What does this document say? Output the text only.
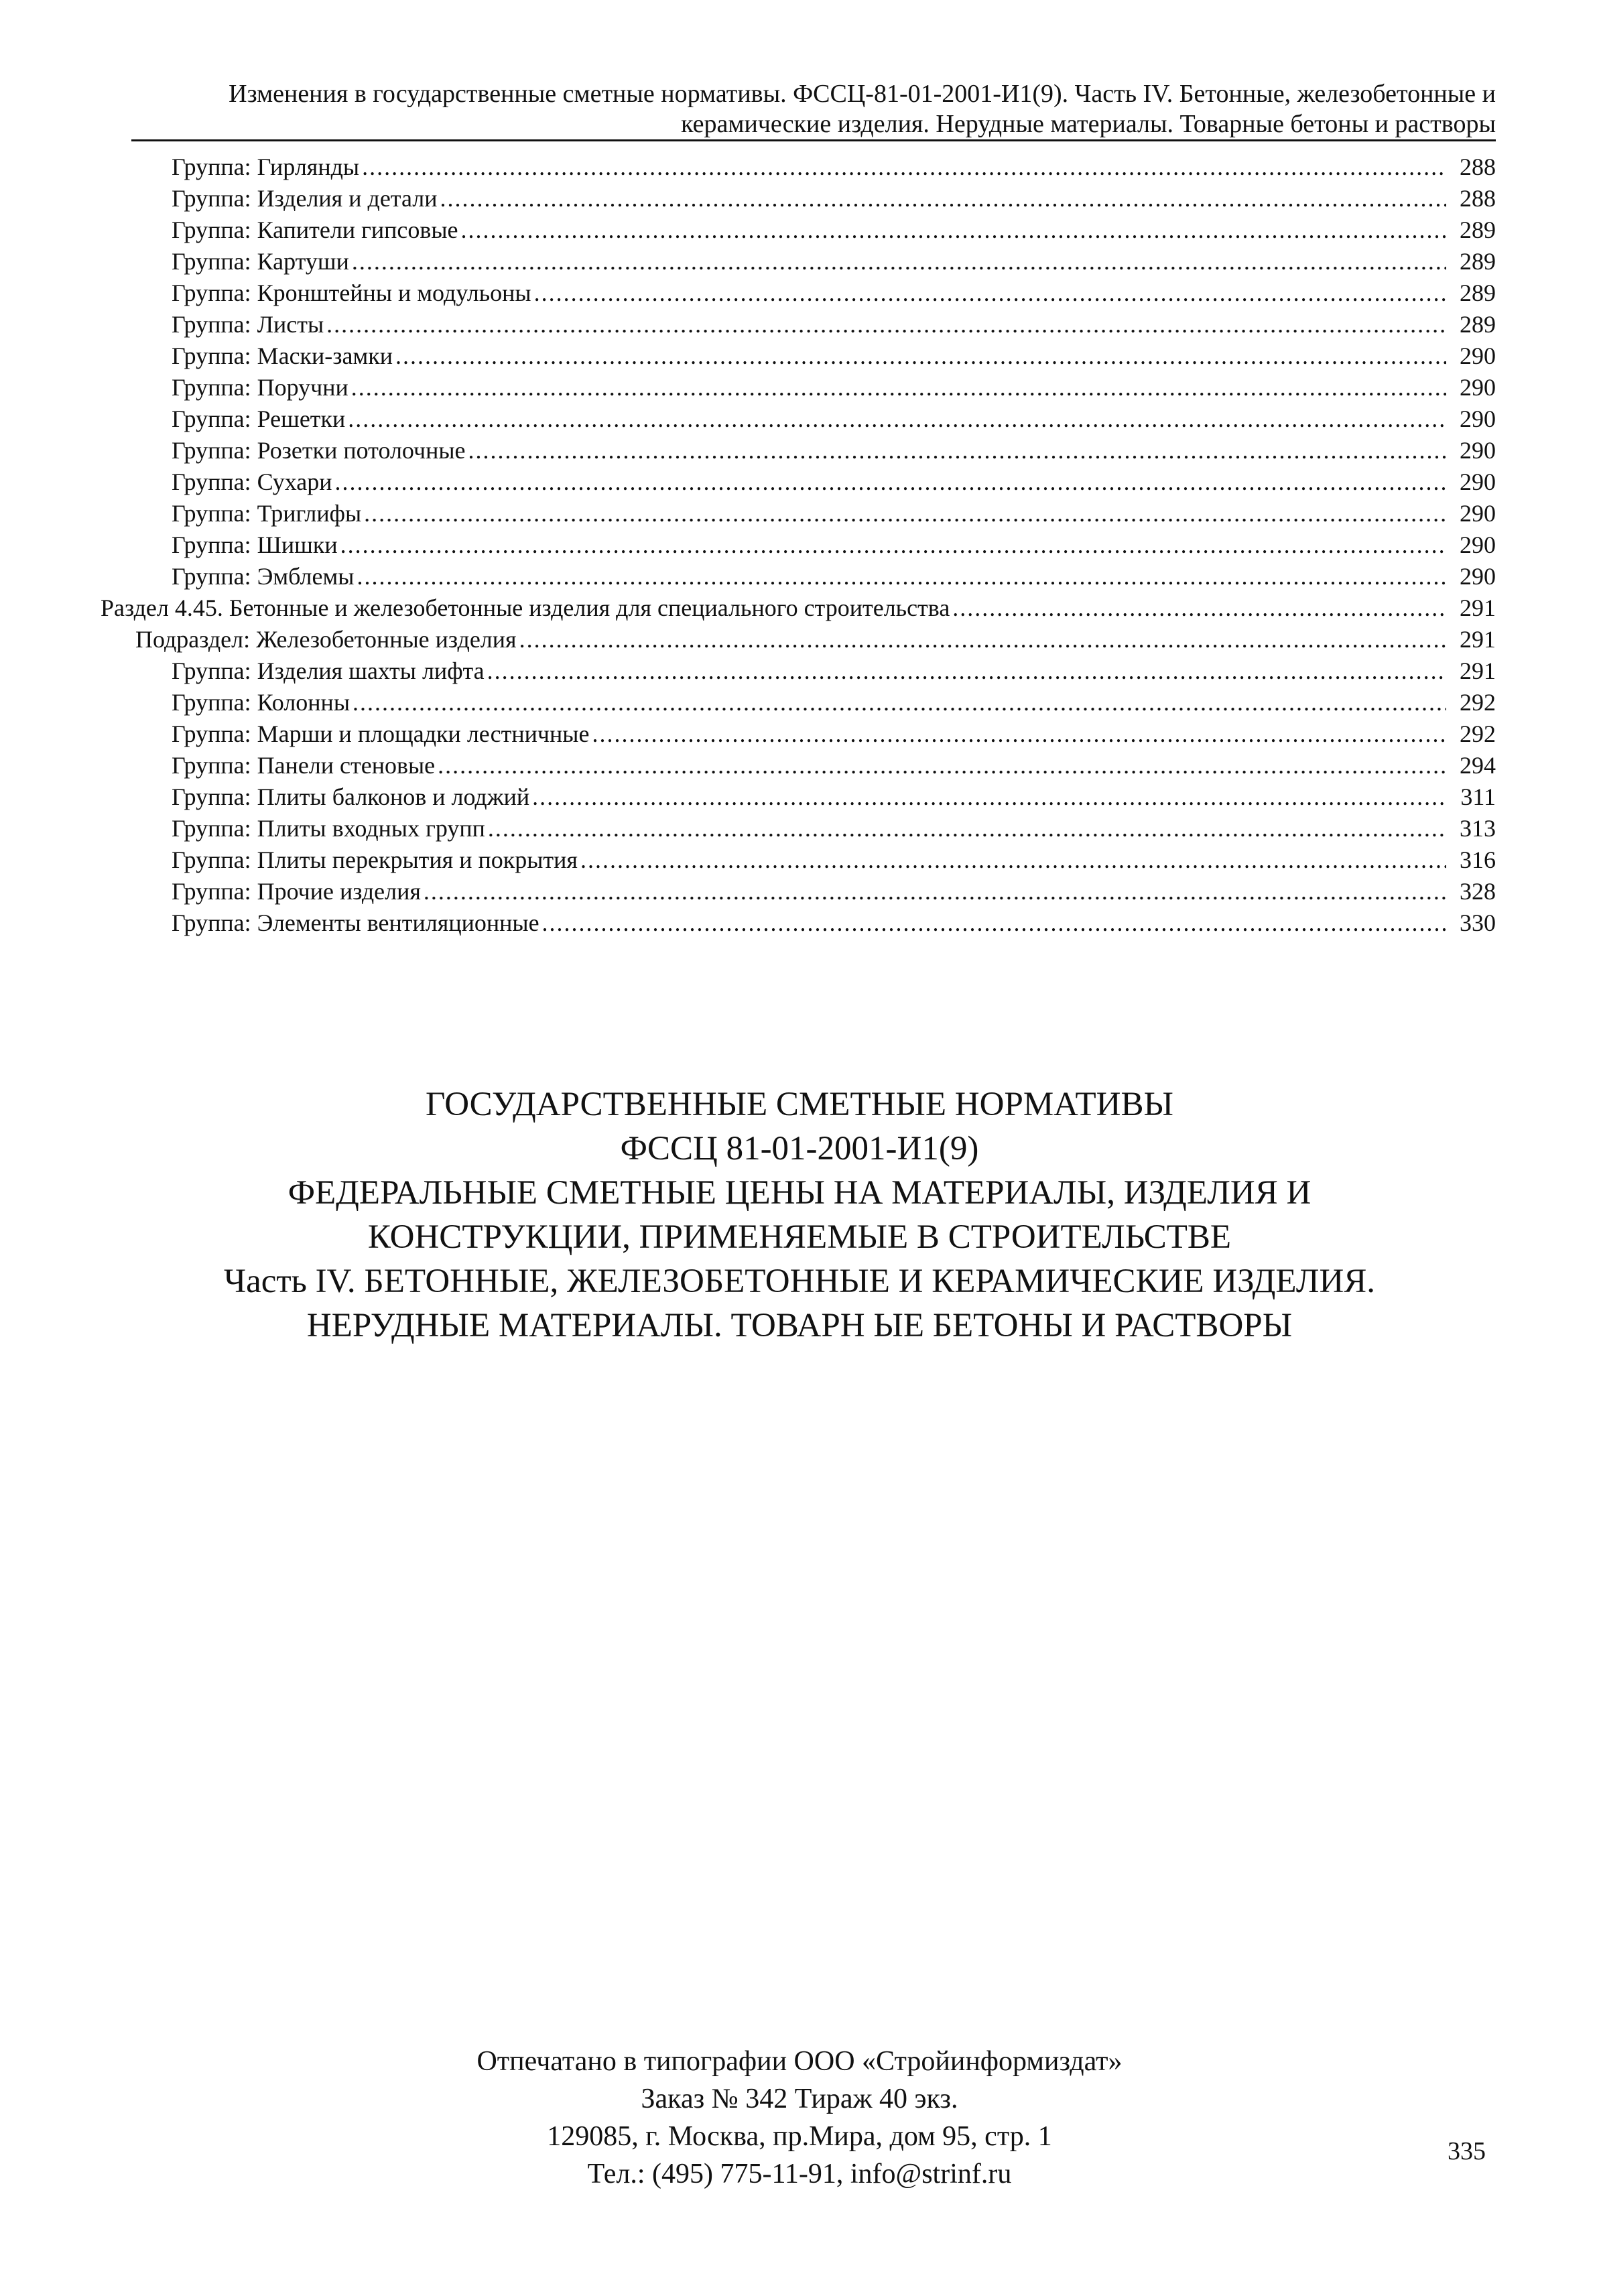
Изменения в государственные сметные нормативы. ФССЦ-81-01-2001-И1(9). Часть IV. Бетонные, железобетонные и
керамические изделия. Нерудные материалы. Товарные бетоны и растворы
Группа: Гирлянды .....	288
Группа: Изделия и детали .....	288
Группа: Капители гипсовые .....	289
Группа: Картуши .....	289
Группа: Кронштейны и модульоны .....	289
Группа: Листы .....	289
Группа: Маски-замки .....	290
Группа: Поручни .....	290
Группа: Решетки .....	290
Группа: Розетки потолочные .....	290
Группа: Сухари .....	290
Группа: Триглифы .....	290
Группа: Шишки .....	290
Группа: Эмблемы .....	290
Раздел 4.45. Бетонные и железобетонные изделия для специального строительства .....	291
Подраздел: Железобетонные изделия .....	291
Группа: Изделия шахты лифта .....	291
Группа: Колонны .....	292
Группа: Марши и площадки лестничные .....	292
Группа: Панели стеновые .....	294
Группа: Плиты балконов и лоджий .....	311
Группа: Плиты входных групп .....	313
Группа: Плиты перекрытия и покрытия .....	316
Группа: Прочие изделия .....	328
Группа: Элементы вентиляционные .....	330
ГОСУДАРСТВЕННЫЕ СМЕТНЫЕ НОРМАТИВЫ
ФССЦ 81-01-2001-И1(9)
ФЕДЕРАЛЬНЫЕ СМЕТНЫЕ ЦЕНЫ НА МАТЕРИАЛЫ, ИЗДЕЛИЯ И
КОНСТРУКЦИИ, ПРИМЕНЯЕМЫЕ В СТРОИТЕЛЬСТВЕ
Часть IV. БЕТОННЫЕ, ЖЕЛЕЗОБЕТОННЫЕ И КЕРАМИЧЕСКИЕ ИЗДЕЛИЯ.
НЕРУДНЫЕ МАТЕРИАЛЫ. ТОВАРН ЫЕ БЕТОНЫ И РАСТВОРЫ
Отпечатано в типографии ООО «Стройинформиздат»
Заказ № 342 Тираж 40 экз.
129085, г. Москва, пр.Мира, дом 95, стр. 1
Тел.: (495) 775-11-91, info@strinf.ru
335
